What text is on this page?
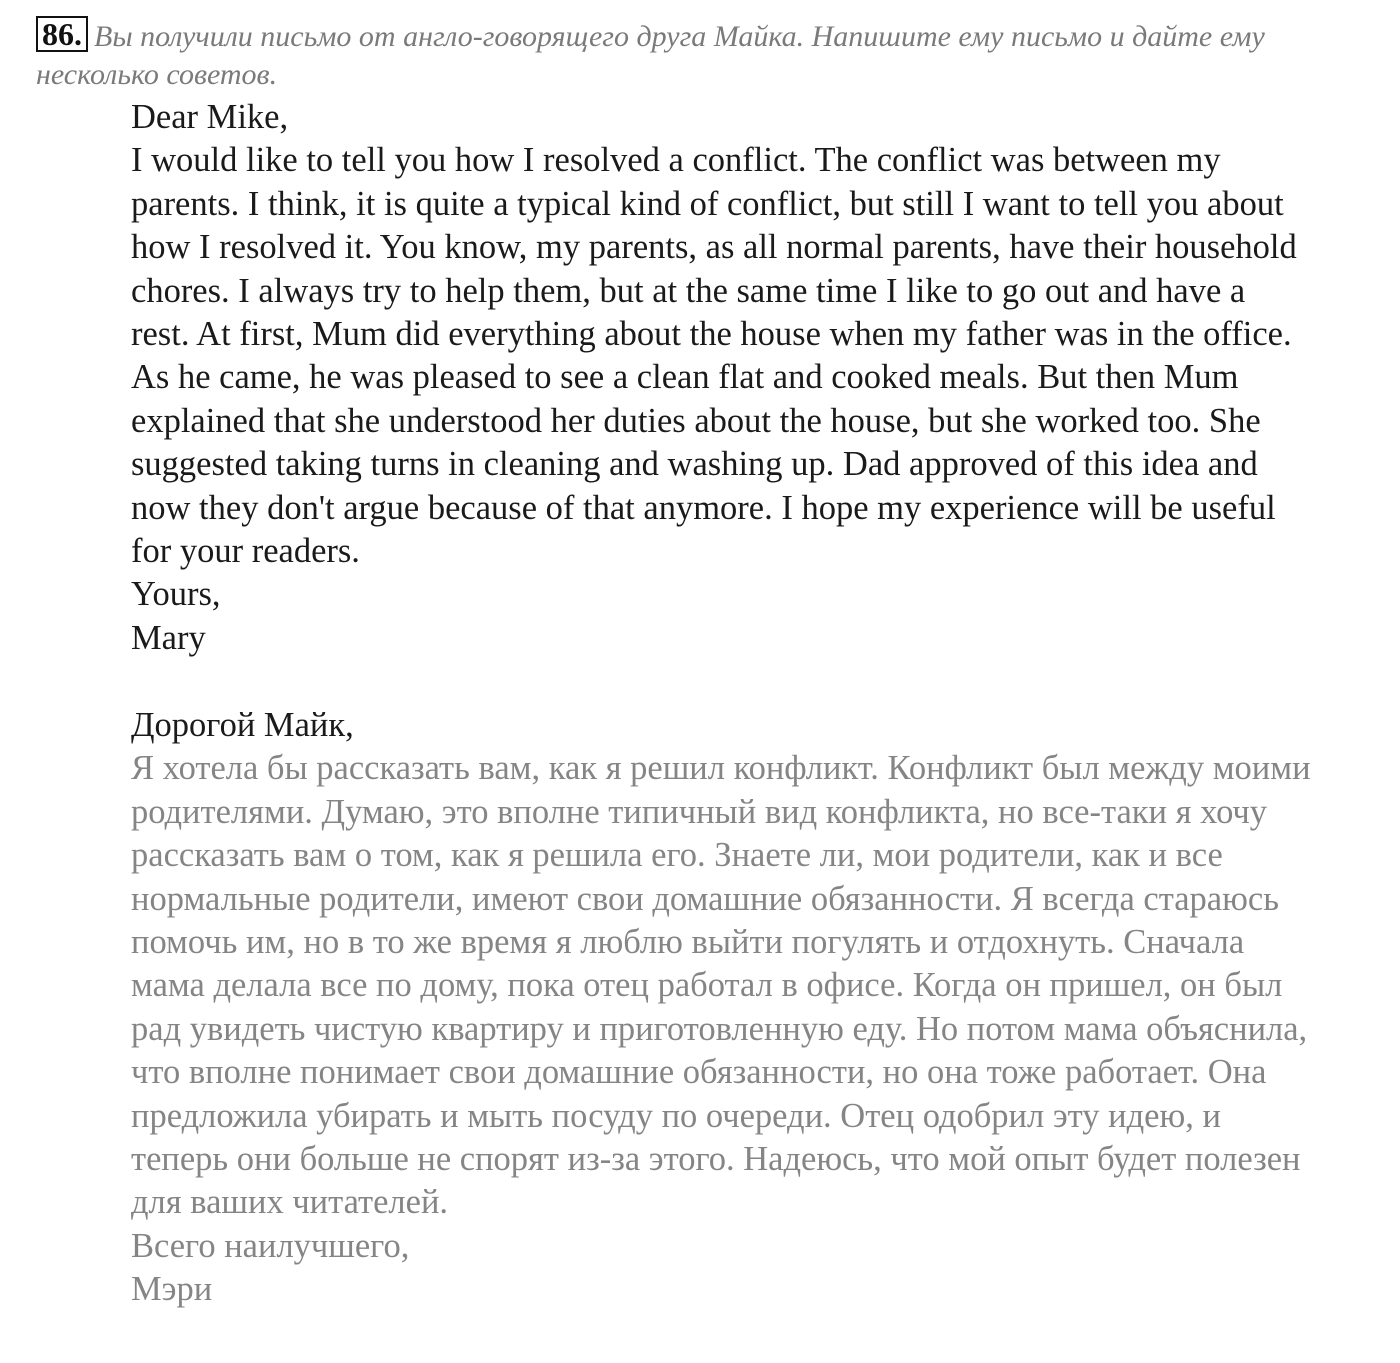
86. Вы получили письмо от англо-говорящего друга Майка. Напишите ему письмо и дайте ему несколько советов.

Dear Mike,

I would like to tell you how I resolved a conflict. The conflict was between my parents. I think, it is quite a typical kind of conflict, but still I want to tell you about how I resolved it. You know, my parents, as all normal parents, have their household chores. I always try to help them, but at the same time I like to go out and have a rest. At first, Mum did everything about the house when my father was in the office. As he came, he was pleased to see a clean flat and cooked meals. But then Mum explained that she understood her duties about the house, but she worked too. She suggested taking turns in cleaning and washing up. Dad approved of this idea and now they don't argue because of that anymore. I hope my experience will be useful for your readers.

Yours,

Mary

Дорогой Майк,

Я хотела бы рассказать вам, как я решил конфликт. Конфликт был между моими родителями. Думаю, это вполне типичный вид конфликта, но все-таки я хочу рассказать вам о том, как я решила его. Знаете ли, мои родители, как и все нормальные родители, имеют свои домашние обязанности. Я всегда стараюсь помочь им, но в то же время я люблю выйти погулять и отдохнуть. Сначала мама делала все по дому, пока отец работал в офисе. Когда он пришел, он был рад увидеть чистую квартиру и приготовленную еду. Но потом мама объяснила, что вполне понимает свои домашние обязанности, но она тоже работает. Она предложила убирать и мыть посуду по очереди. Отец одобрил эту идею, и теперь они больше не спорят из-за этого. Надеюсь, что мой опыт будет полезен для ваших читателей.

Всего наилучшего,

Мэри
